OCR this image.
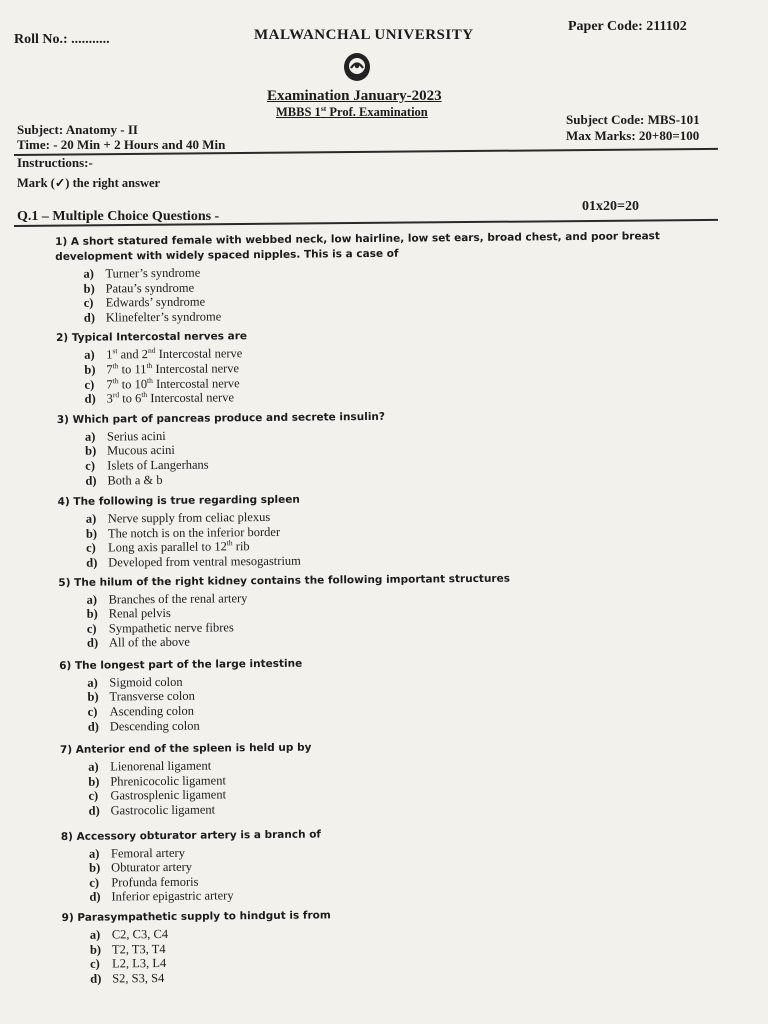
Roll No.: ...........	MALWANCHAL UNIVERSITY
Paper Code: 211102
Examination January-2023
MBBS 1st Prof. Examination
Subject: Anatomy - II
Time: - 20 Min + 2 Hours and 40 Min
Subject Code: MBS-101
Max Marks: 20+80=100
Instructions:-
Mark (✓) the right answer
Q.1 – Multiple Choice Questions -
01x20=20
1) A short statured female with webbed neck, low hairline, low set ears, broad chest, and poor breast development with widely spaced nipples. This is a case of
a) Turner’s syndrome
b) Patau’s syndrome
c) Edwards’ syndrome
d) Klinefelter’s syndrome
2) Typical Intercostal nerves are
a) 1st and 2nd Intercostal nerve
b) 7th to 11th Intercostal nerve
c) 7th to 10th Intercostal nerve
d) 3rd to 6th Intercostal nerve
3) Which part of pancreas produce and secrete insulin?
a) Serius acini
b) Mucous acini
c) Islets of Langerhans
d) Both a & b
4) The following is true regarding spleen
a) Nerve supply from celiac plexus
b) The notch is on the inferior border
c) Long axis parallel to 12th rib
d) Developed from ventral mesogastrium
5) The hilum of the right kidney contains the following important structures
a) Branches of the renal artery
b) Renal pelvis
c) Sympathetic nerve fibres
d) All of the above
6) The longest part of the large intestine
a) Sigmoid colon
b) Transverse colon
c) Ascending colon
d) Descending colon
7) Anterior end of the spleen is held up by
a) Lienorenal ligament
b) Phrenicocolic ligament
c) Gastrosplenic ligament
d) Gastrocolic ligament
8) Accessory obturator artery is a branch of
a) Femoral artery
b) Obturator artery
c) Profunda femoris
d) Inferior epigastric artery
9) Parasympathetic supply to hindgut is from
a) C2, C3, C4
b) T2, T3, T4
c) L2, L3, L4
d) S2, S3, S4
